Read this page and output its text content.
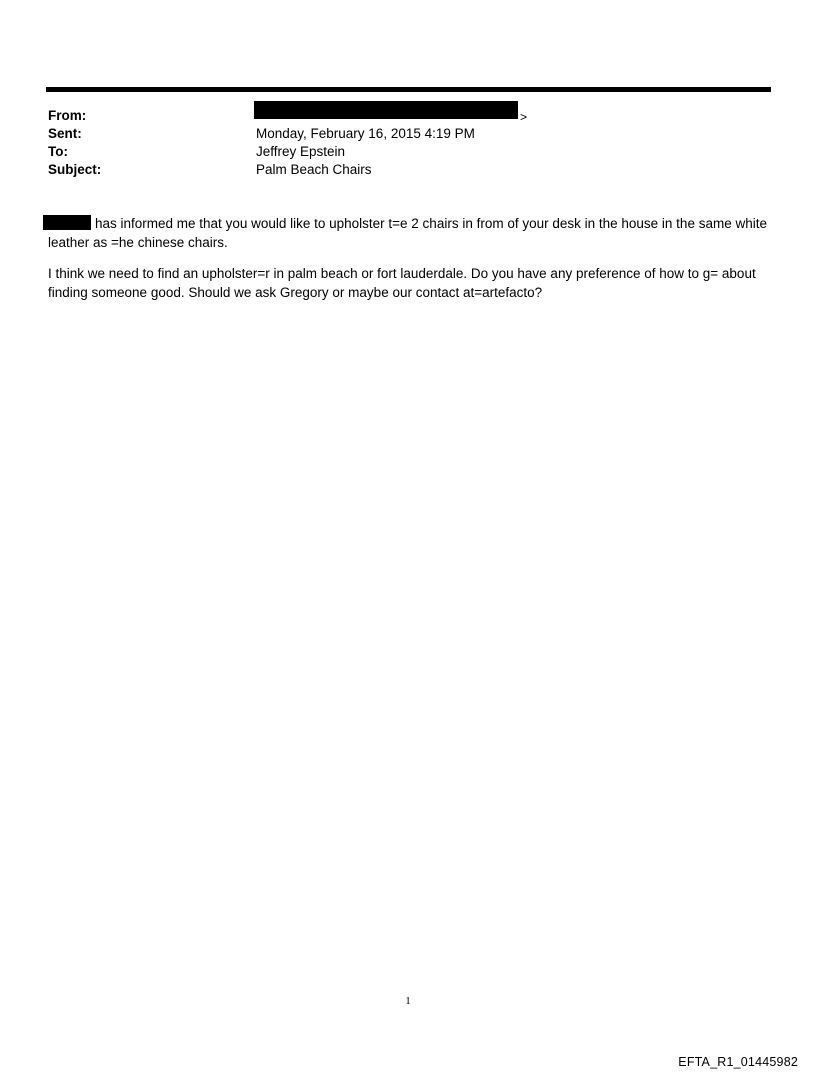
From:	>
Sent:	Monday, February 16, 2015 4:19 PM
To:	Jeffrey Epstein
Subject:	Palm Beach Chairs

has informed me that you would like to upholster t=e 2 chairs in from of your desk in the house in the same white leather as =he chinese chairs.

I think we need to find an upholster=r in palm beach or fort lauderdale. Do you have any preference of how to g= about finding someone good. Should we ask Gregory or maybe our contact at=artefacto?

1
EFTA_R1_01445982
